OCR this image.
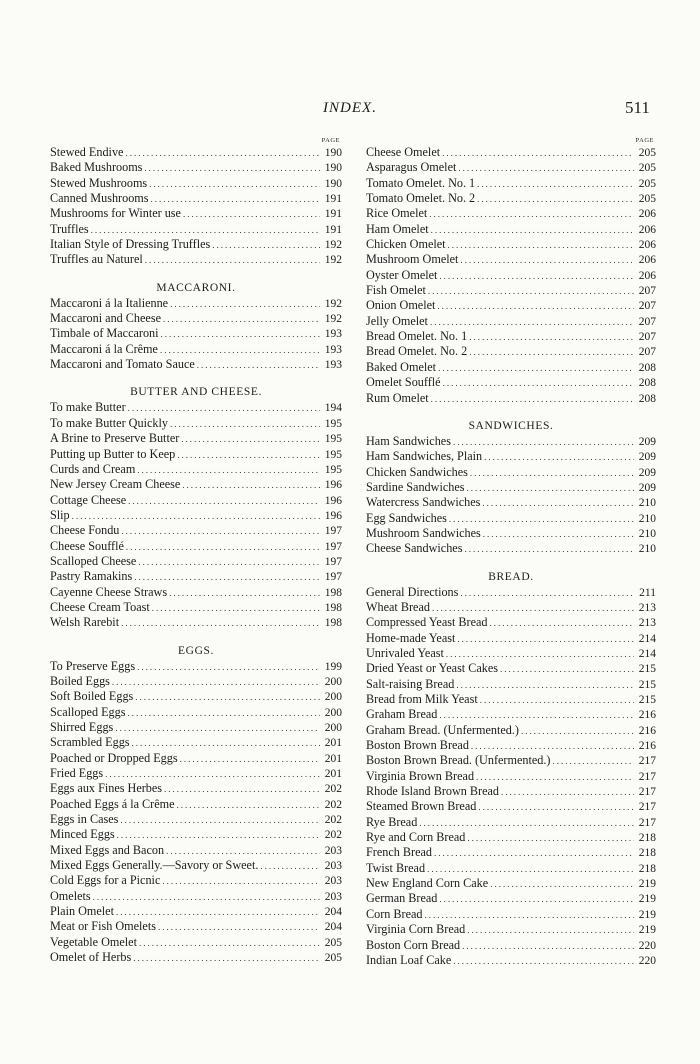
INDEX.	511
PAGE
Stewed Endive .....	190
Baked Mushrooms .....	190
Stewed Mushrooms .....	190
Canned Mushrooms .....	191
Mushrooms for Winter use .....	191
Truffles .....	191
Italian Style of Dressing Truffles .....	192
Truffles au Naturel .....	192
MACCARONI.
Maccaroni á la Italienne .....	192
Maccaroni and Cheese .....	192
Timbale of Maccaroni .....	193
Maccaroni á la Crême .....	193
Maccaroni and Tomato Sauce .....	193
BUTTER AND CHEESE.
To make Butter .....	194
To make Butter Quickly .....	195
A Brine to Preserve Butter .....	195
Putting up Butter to Keep .....	195
Curds and Cream .....	195
New Jersey Cream Cheese .....	196
Cottage Cheese .....	196
Slip .....	196
Cheese Fondu .....	197
Cheese Soufflé .....	197
Scalloped Cheese .....	197
Pastry Ramakins .....	197
Cayenne Cheese Straws .....	198
Cheese Cream Toast .....	198
Welsh Rarebit .....	198
EGGS.
To Preserve Eggs .....	199
Boiled Eggs .....	200
Soft Boiled Eggs .....	200
Scalloped Eggs .....	200
Shirred Eggs .....	200
Scrambled Eggs .....	201
Poached or Dropped Eggs .....	201
Fried Eggs .....	201
Eggs aux Fines Herbes .....	202
Poached Eggs á la Crême .....	202
Eggs in Cases .....	202
Minced Eggs .....	202
Mixed Eggs and Bacon .....	203
Mixed Eggs Generally.—Savory or Sweet. .....	203
Cold Eggs for a Picnic .....	203
Omelets .....	203
Plain Omelet .....	204
Meat or Fish Omelets .....	204
Vegetable Omelet .....	205
Omelet of Herbs .....	205
PAGE
Cheese Omelet .....	205
Asparagus Omelet .....	205
Tomato Omelet. No. 1 .....	205
Tomato Omelet. No. 2 .....	205
Rice Omelet .....	206
Ham Omelet .....	206
Chicken Omelet .....	206
Mushroom Omelet .....	206
Oyster Omelet .....	206
Fish Omelet .....	207
Onion Omelet .....	207
Jelly Omelet .....	207
Bread Omelet. No. 1 .....	207
Bread Omelet. No. 2 .....	207
Baked Omelet .....	208
Omelet Soufflé .....	208
Rum Omelet .....	208
SANDWICHES.
Ham Sandwiches .....	209
Ham Sandwiches, Plain .....	209
Chicken Sandwiches .....	209
Sardine Sandwiches .....	209
Watercress Sandwiches .....	210
Egg Sandwiches .....	210
Mushroom Sandwiches .....	210
Cheese Sandwiches .....	210
BREAD.
General Directions .....	211
Wheat Bread .....	213
Compressed Yeast Bread .....	213
Home-made Yeast .....	214
Unrivaled Yeast .....	214
Dried Yeast or Yeast Cakes .....	215
Salt-raising Bread .....	215
Bread from Milk Yeast .....	215
Graham Bread .....	216
Graham Bread. (Unfermented.) .....	216
Boston Brown Bread .....	216
Boston Brown Bread. (Unfermented.) .....	217
Virginia Brown Bread .....	217
Rhode Island Brown Bread .....	217
Steamed Brown Bread .....	217
Rye Bread .....	217
Rye and Corn Bread .....	218
French Bread .....	218
Twist Bread .....	218
New England Corn Cake .....	219
German Bread .....	219
Corn Bread .....	219
Virginia Corn Bread .....	219
Boston Corn Bread .....	220
Indian Loaf Cake .....	220
